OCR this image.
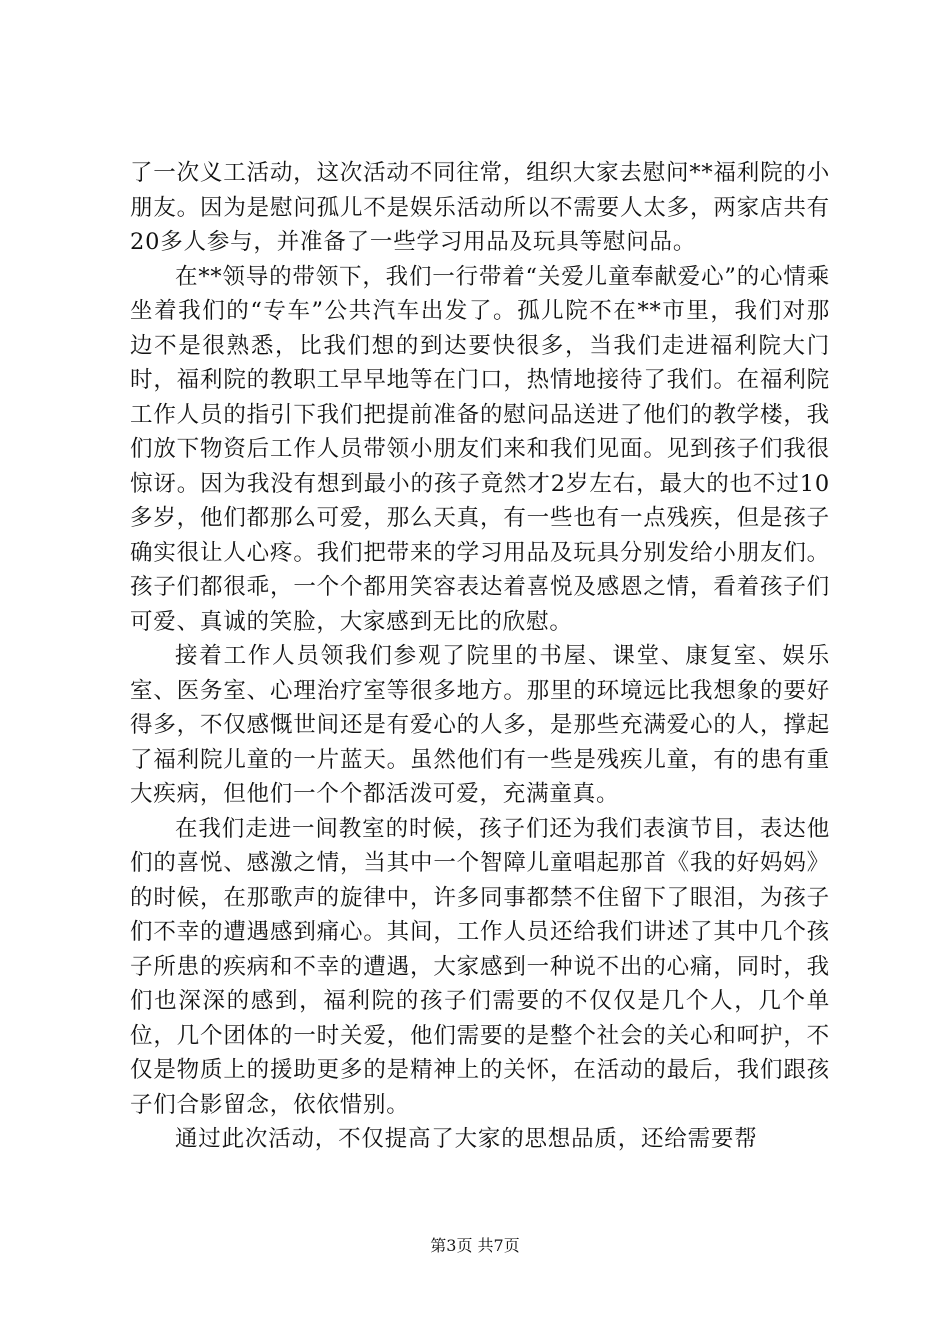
了一次义工活动，这次活动不同往常，组织大家去慰问**福利院的小朋友。因为是慰问孤儿不是娱乐活动所以不需要人太多，两家店共有20多人参与，并准备了一些学习用品及玩具等慰问品。

在**领导的带领下，我们一行带着“关爱儿童奉献爱心”的心情乘坐着我们的“专车”公共汽车出发了。孤儿院不在**市里，我们对那边不是很熟悉，比我们想的到达要快很多，当我们走进福利院大门时，福利院的教职工早早地等在门口，热情地接待了我们。在福利院工作人员的指引下我们把提前准备的慰问品送进了他们的教学楼，我们放下物资后工作人员带领小朋友们来和我们见面。见到孩子们我很惊讶。因为我没有想到最小的孩子竟然才2岁左右，最大的也不过10多岁，他们都那么可爱，那么天真，有一些也有一点残疾，但是孩子确实很让人心疼。我们把带来的学习用品及玩具分别发给小朋友们。孩子们都很乖，一个个都用笑容表达着喜悦及感恩之情，看着孩子们可爱、真诚的笑脸，大家感到无比的欣慰。

接着工作人员领我们参观了院里的书屋、课堂、康复室、娱乐室、医务室、心理治疗室等很多地方。那里的环境远比我想象的要好得多，不仅感慨世间还是有爱心的人多，是那些充满爱心的人，撑起了福利院儿童的一片蓝天。虽然他们有一些是残疾儿童，有的患有重大疾病，但他们一个个都活泼可爱，充满童真。

在我们走进一间教室的时候，孩子们还为我们表演节目，表达他们的喜悦、感激之情，当其中一个智障儿童唱起那首《我的好妈妈》的时候，在那歌声的旋律中，许多同事都禁不住留下了眼泪，为孩子们不幸的遭遇感到痛心。其间，工作人员还给我们讲述了其中几个孩子所患的疾病和不幸的遭遇，大家感到一种说不出的心痛，同时，我们也深深的感到，福利院的孩子们需要的不仅仅是几个人，几个单位，几个团体的一时关爱，他们需要的是整个社会的关心和呵护，不仅是物质上的援助更多的是精神上的关怀，在活动的最后，我们跟孩子们合影留念，依依惜别。

通过此次活动，不仅提高了大家的思想品质，还给需要帮

第3页 共7页
